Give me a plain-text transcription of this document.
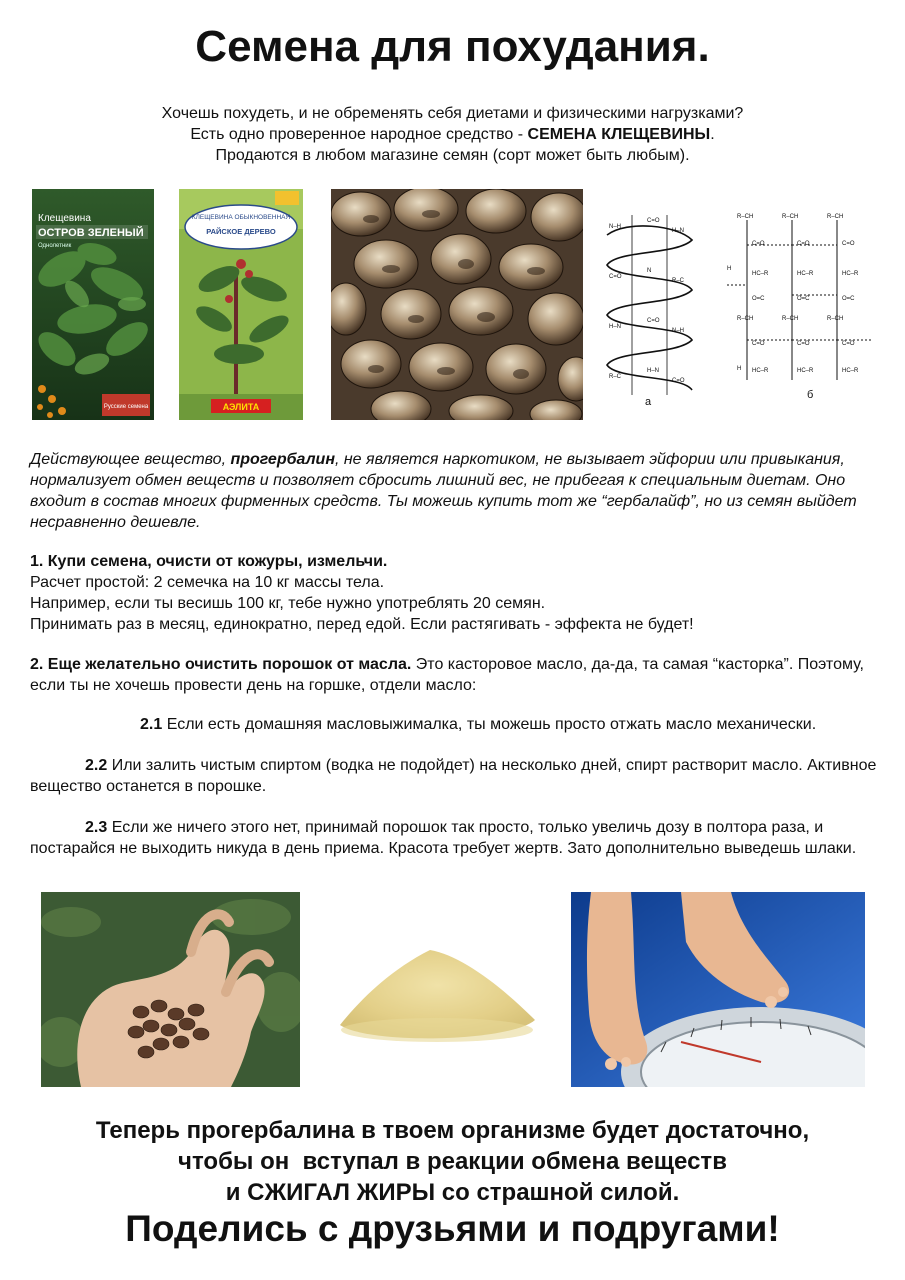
Семена для похудания.
Хочешь похудеть, и не обременять себя диетами и физическими нагрузками?
Есть одно проверенное народное средство - СЕМЕНА КЛЕЩЕВИНЫ.
Продаются в любом магазине семян (сорт может быть любым).
Клещевина
ОСТРОВ ЗЕЛЕНЫЙ
Однолетник
Русские семена
КЛЕЩЕВИНА ОБЫКНОВЕННАЯ
РАЙСКОЕ ДЕРЕВО
АЭЛИТА
N–H
C=O
H–N
C=O
N
R–C
H–N
C=O
N–H
R–C
H–N
C=O
R–CH	R–CH	R–CH
C=O	C=O	C=O
H
HC–R	HC–R	HC–R
O=C	O=C	O=C
R–CH	R–CH	R–CH
C=O	C=O	C=O
H HC–R	HC–R	HC–R
а
б
Действующее вещество, прогербалин, не является наркотиком, не вызывает эйфории или привыкания, нормализует обмен веществ и позволяет сбросить лишний вес, не прибегая к специальным диетам. Оно входит в состав многих фирменных средств. Ты можешь купить тот же “гербалайф”, но из семян выйдет несравненно дешевле.
1. Купи семена, очисти от кожуры, измельчи.
Расчет простой: 2 семечка на 10 кг массы тела.
Например, если ты весишь 100 кг, тебе нужно употреблять 20 семян.
Принимать раз в месяц, единократно, перед едой. Если растягивать - эффекта не будет!
2. Еще желательно очистить порошок от масла. Это касторовое масло, да-да, та самая “касторка”. Поэтому, если ты не хочешь провести день на горшке, отдели масло:
2.1 Если есть домашняя масловыжималка, ты можешь просто отжать масло механически.
2.2 Или залить чистым спиртом (водка не подойдет) на несколько дней, спирт растворит масло. Активное вещество останется в порошке.
2.3 Если же ничего этого нет, принимай порошок так просто, только увеличь дозу в полтора раза, и постарайся не выходить никуда в день приема. Красота требует жертв. Зато дополнительно выведешь шлаки.
Теперь прогербалина в твоем организме будет достаточно,
чтобы он  вступал в реакции обмена веществ
и СЖИГАЛ ЖИРЫ со страшной силой.
Поделись с друзьями и подругами!
